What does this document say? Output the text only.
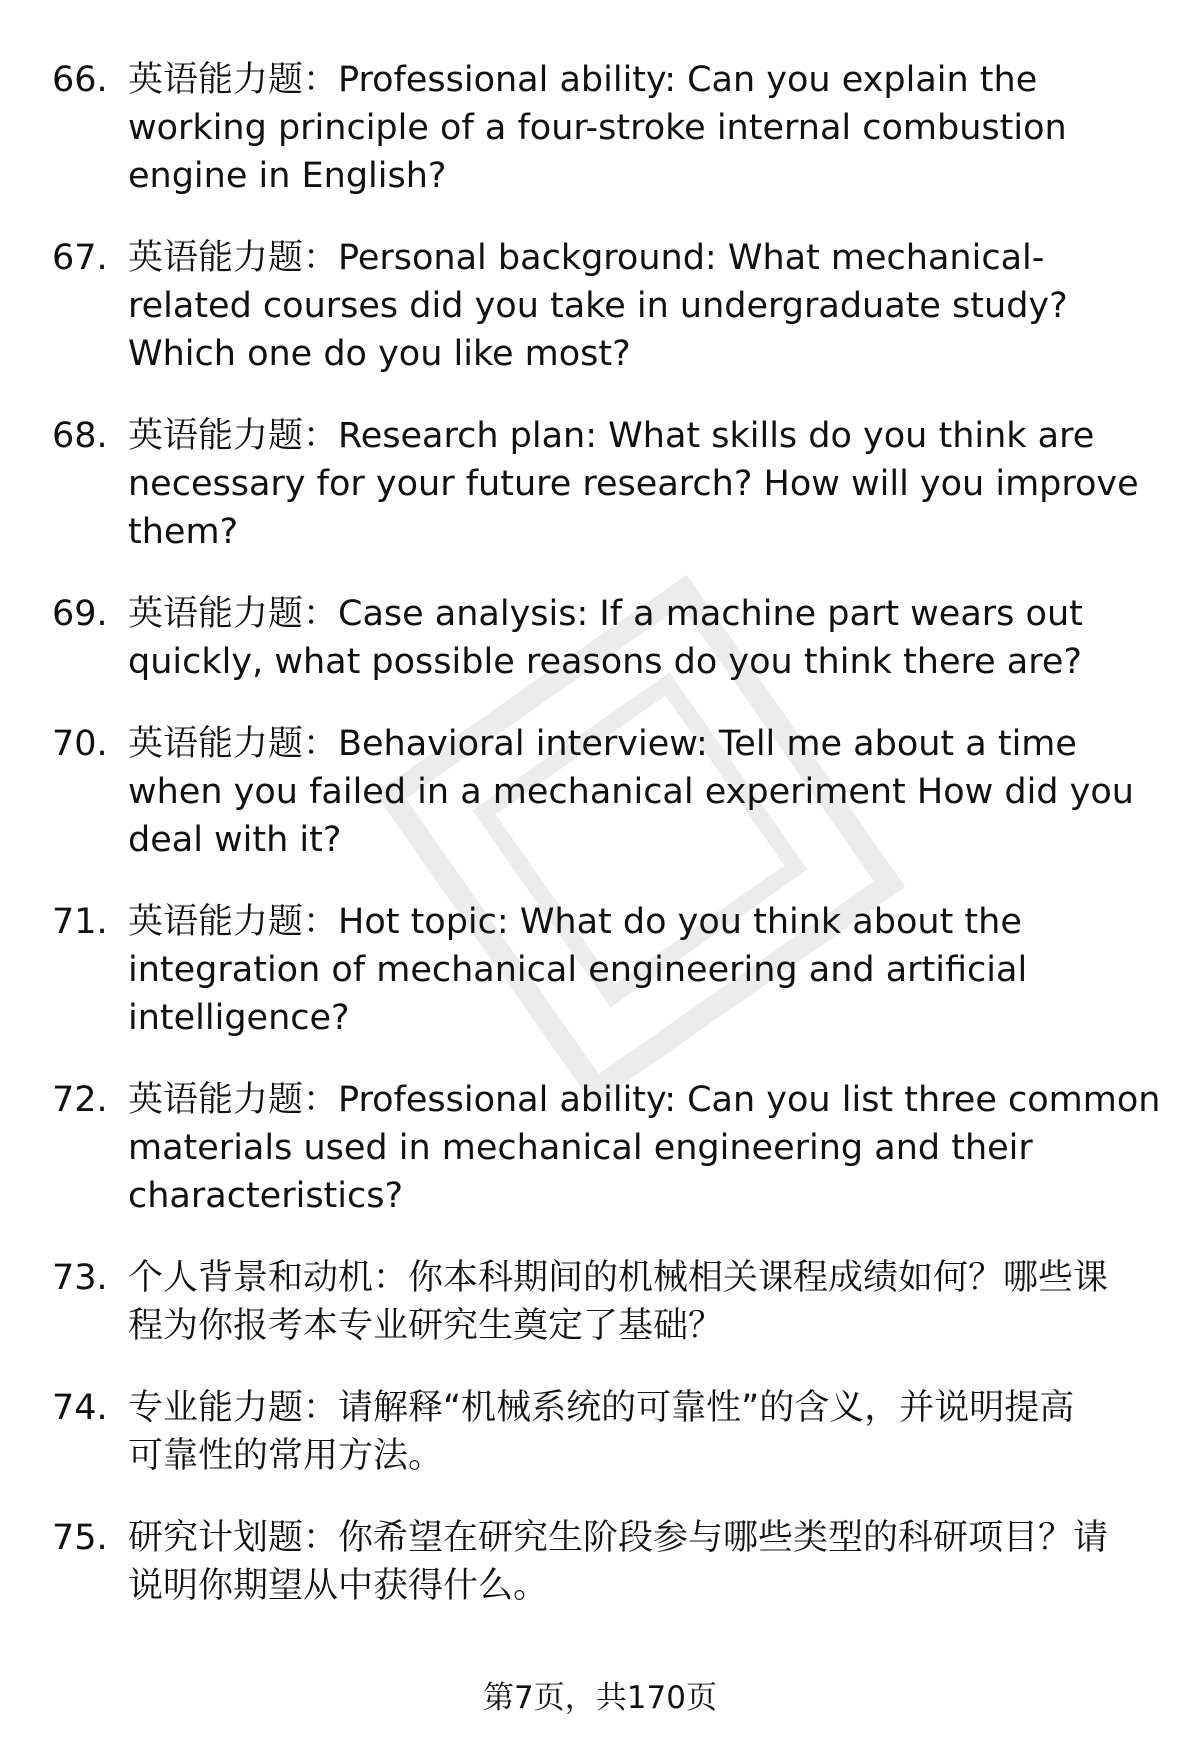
66. 英语能力题：Professional ability: Can you explain the
working principle of a four-stroke internal combustion
engine in English?
67. 英语能力题：Personal background: What mechanical-
related courses did you take in undergraduate study?
Which one do you like most?
68. 英语能力题：Research plan: What skills do you think are
necessary for your future research? How will you improve
them?
69. 英语能力题：Case analysis: If a machine part wears out
quickly, what possible reasons do you think there are?
70. 英语能力题：Behavioral interview: Tell me about a time
when you failed in a mechanical experiment How did you
deal with it?
71. 英语能力题：Hot topic: What do you think about the
integration of mechanical engineering and artificial
intelligence?
72. 英语能力题：Professional ability: Can you list three common
materials used in mechanical engineering and their
characteristics?
73. 个人背景和动机：你本科期间的机械相关课程成绩如何？哪些课
程为你报考本专业研究生奠定了基础？
74. 专业能力题：请解释“机械系统的可靠性”的含义，并说明提高
可靠性的常用方法。
75. 研究计划题：你希望在研究生阶段参与哪些类型的科研项目？请
说明你期望从中获得什么。
第7页，共170页
